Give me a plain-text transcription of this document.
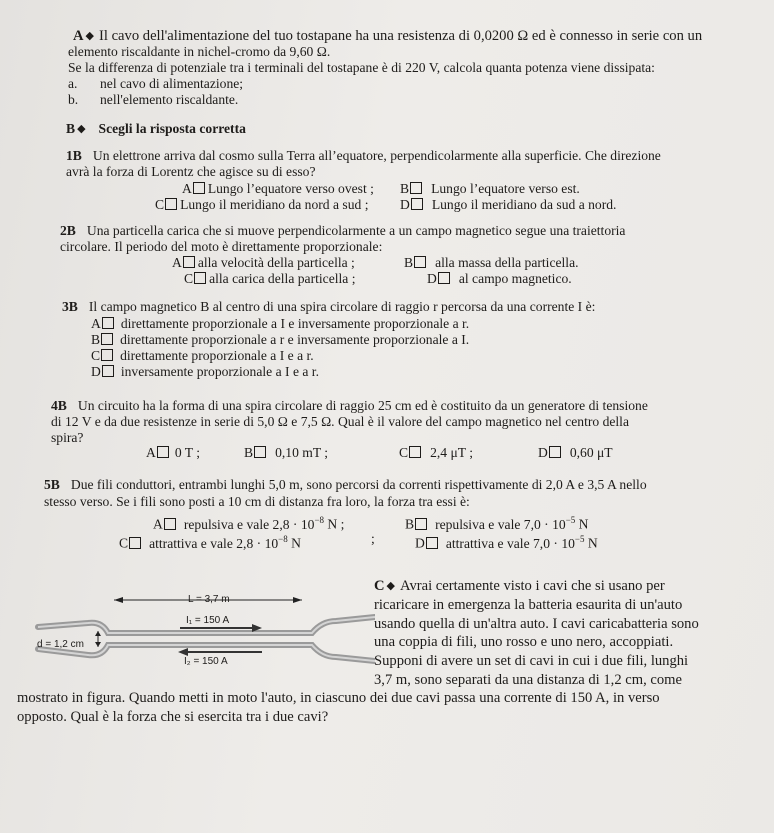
A ◆ Il cavo dell'alimentazione del tuo tostapane ha una resistenza di 0,0200 Ω ed è connesso in serie con un
elemento riscaldante in nichel-cromo da 9,60 Ω.
Se la differenza di potenziale tra i terminali del tostapane è di 220 V, calcola quanta potenza viene dissipata:
a. nel cavo di alimentazione;
b. nell'elemento riscaldante.
B ◆ Scegli la risposta corretta
1B Un elettrone arriva dal cosmo sulla Terra all’equatore, perpendicolarmente alla superficie. Che direzione
avrà la forza di Lorentz che agisce su di esso?
A Lungo l’equatore verso ovest ; B Lungo l’equatore verso est.
C Lungo il meridiano da nord a sud ; D Lungo il meridiano da sud a nord.
2B Una particella carica che si muove perpendicolarmente a un campo magnetico segue una traiettoria
circolare. Il periodo del moto è direttamente proporzionale:
A alla velocità della particella ;	B alla massa della particella.
C alla carica della particella ;	D al campo magnetico.
3B Il campo magnetico B al centro di una spira circolare di raggio r percorsa da una corrente I è:
A direttamente proporzionale a I e inversamente proporzionale a r.
B direttamente proporzionale a r e inversamente proporzionale a I.
C direttamente proporzionale a I e a r.
D inversamente proporzionale a I e a r.
4B Un circuito ha la forma di una spira circolare di raggio 25 cm ed è costituito da un generatore di tensione
di 12 V e da due resistenze in serie di 5,0 Ω e 7,5 Ω. Qual è il valore del campo magnetico nel centro della
spira?
A 0 T ;	B 0,10 mT ;	C 2,4 μT ;	D 0,60 μT
5B Due fili conduttori, entrambi lunghi 5,0 m, sono percorsi da correnti rispettivamente di 2,0 A e 3,5 A nello
stesso verso. Se i fili sono posti a 10 cm di distanza fra loro, la forza tra essi è:
A repulsiva e vale $2,8 \cdot 10^{-8}$ N ;	B repulsiva e vale $7,0 \cdot 10^{-5}$ N
C attrattiva e vale $2,8 \cdot 10^{-8}$ N	;	D attrattiva e vale $7,0 \cdot 10^{-5}$ N
L = 3,7 m
I₁ = 150 A
I₂ = 150 A
d = 1,2 cm
C ◆ Avrai certamente visto i cavi che si usano per
ricaricare in emergenza la batteria esaurita di un'auto
usando quella di un'altra auto. I cavi caricabatteria sono
una coppia di fili, uno rosso e uno nero, accoppiati.
Supponi di avere un set di cavi in cui i due fili, lunghi
3,7 m, sono separati da una distanza di 1,2 cm, come
mostrato in figura. Quando metti in moto l'auto, in ciascuno dei due cavi passa una corrente di 150 A, in verso
opposto. Qual è la forza che si esercita tra i due cavi?
